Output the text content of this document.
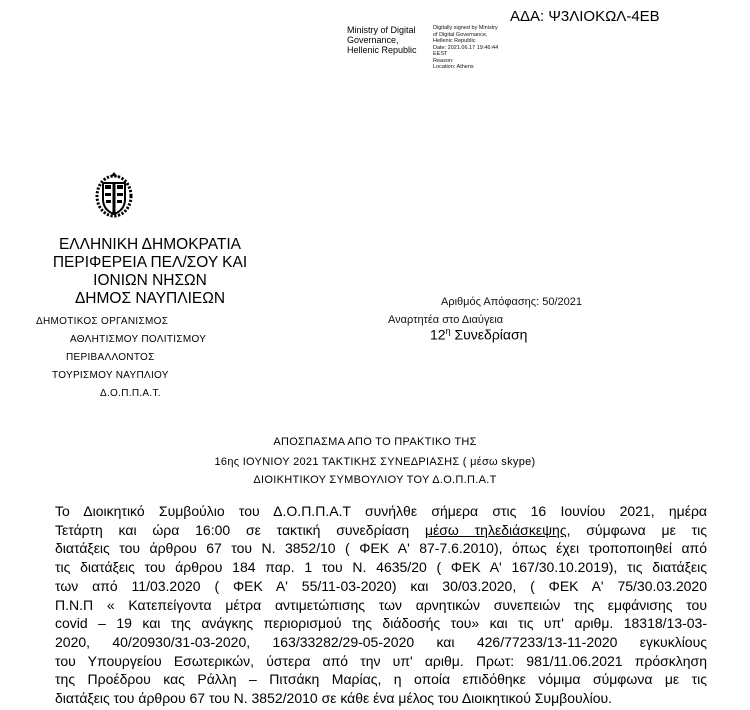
ΑΔΑ: Ψ3ΛΙΟΚΩΛ-4ΕΒ
Ministry of Digital
Governance,
Hellenic Republic
Digitally signed by Ministry
of Digital Governance,
Hellenic Republic
Date: 2021.06.17 19:46:44
EEST
Reason:
Location: Athens
ΕΛΛΗΝΙΚΗ ΔΗΜΟΚΡΑΤΙΑ
ΠΕΡΙΦΕΡΕΙΑ ΠΕΛ/ΣΟΥ ΚΑΙ
ΙΟΝΙΩΝ ΝΗΣΩΝ
ΔΗΜΟΣ ΝΑΥΠΛΙΕΩΝ
ΔΗΜΟΤΙΚΟΣ ΟΡΓΑΝΙΣΜΟΣ
ΑΘΛΗΤΙΣΜΟΥ ΠΟΛΙΤΙΣΜΟΥ
ΠΕΡΙΒΑΛΛΟΝΤΟΣ
ΤΟΥΡΙΣΜΟΥ ΝΑΥΠΛΙΟΥ
Δ.Ο.Π.Π.Α.Τ.
Αριθμός Απόφασης: 50/2021
Αναρτητέα στο Διαύγεια
$12^\eta$ Συνεδρίαση
ΑΠΟΣΠΑΣΜΑ ΑΠΟ ΤΟ ΠΡΑΚΤΙΚΟ ΤΗΣ
16ης ΙΟΥΝΙΟΥ 2021 ΤΑΚΤΙΚΗΣ ΣΥΝΕΔΡΙΑΣΗΣ ( μέσω skype)
ΔΙΟΙΚΗΤΙΚΟΥ ΣΥΜΒΟΥΛΙΟΥ ΤΟΥ Δ.Ο.Π.Π.Α.Τ
Το Διοικητικό Συμβούλιο του Δ.Ο.Π.Π.Α.Τ συνήλθε σήμερα στις 16 Ιουνίου 2021, ημέρα
Τετάρτη και ώρα 16:00 σε τακτική συνεδρίαση μέσω τηλεδιάσκεψης, σύμφωνα με τις
διατάξεις του άρθρου 67 του Ν. 3852/10 ( ΦΕΚ Α' 87-7.6.2010), όπως έχει τροποποιηθεί από
τις διατάξεις του άρθρου 184 παρ. 1 του Ν. 4635/20 ( ΦΕΚ Α' 167/30.10.2019), τις διατάξεις
των από 11/03.2020 ( ΦΕΚ Α' 55/11-03-2020) και 30/03.2020, ( ΦΕΚ Α' 75/30.03.2020
Π.Ν.Π « Κατεπείγοντα μέτρα αντιμετώπισης των αρνητικών συνεπειών της εμφάνισης του
covid – 19 και της ανάγκης περιορισμού της διάδοσής του» και τις υπ' αριθμ. 18318/13-03-
2020, 40/20930/31-03-2020, 163/33282/29-05-2020 και 426/77233/13-11-2020 εγκυκλίους
του Υπουργείου Εσωτερικών, ύστερα από την υπ' αριθμ. Πρωτ: 981/11.06.2021 πρόσκληση
της Προέδρου κας Ράλλη – Πιτσάκη Μαρίας, η οποία επιδόθηκε νόμιμα σύμφωνα με τις
διατάξεις του άρθρου 67 του Ν. 3852/2010 σε κάθε ένα μέλος του Διοικητικού Συμβουλίου.
